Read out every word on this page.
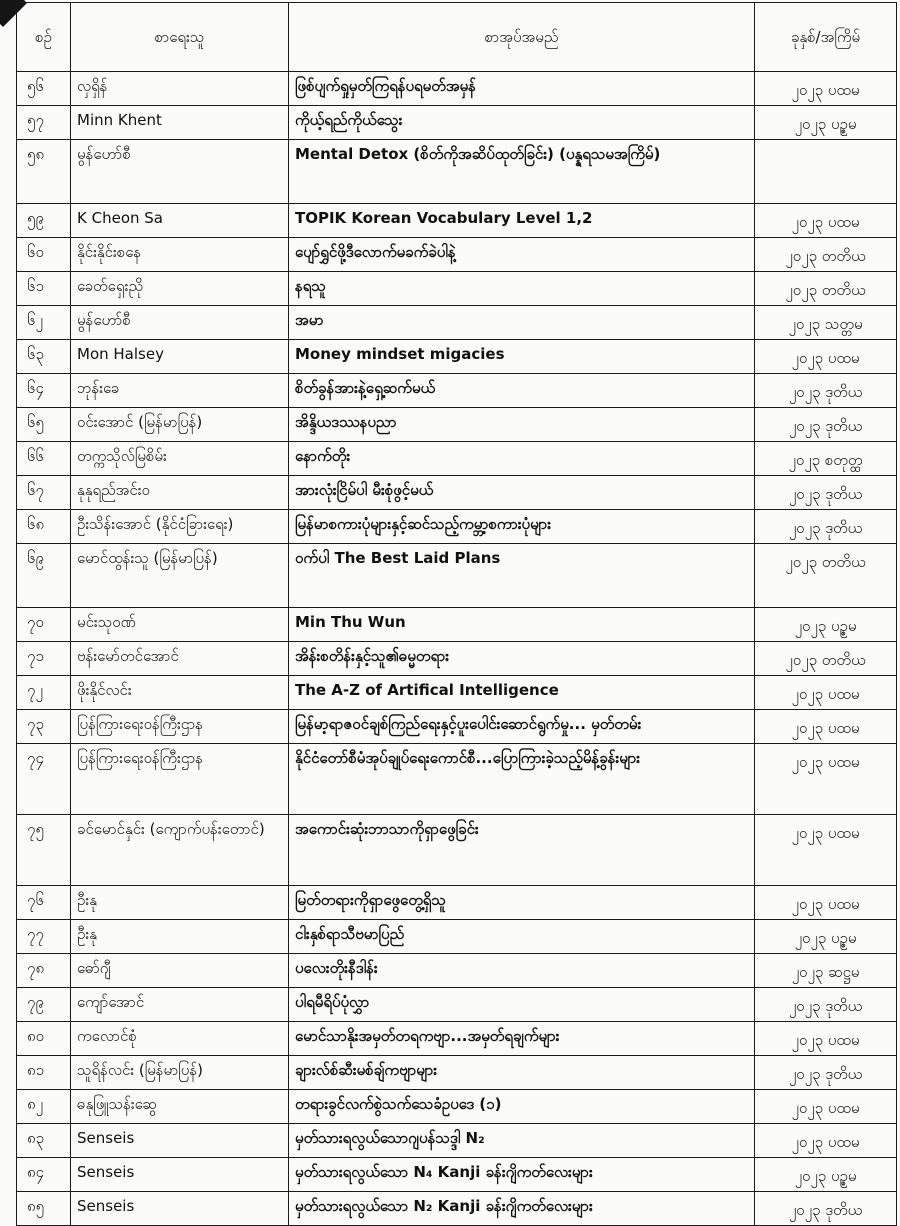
စဉ်	စာရေးသူ	စာအုပ်အမည်	ခုနှစ်/အကြိမ်
၅၆	လှရှိန်	ဖြစ်ပျက်ရှုမှတ်ကြရန်ပရမတ်အမှန်	၂၀၂၃ ပထမ
၅၇	Minn Khent	ကိုယ့်ရည်ကိုယ်သွေး	၂၀၂၃ ပဥ္စမ
၅၈	မွန်ဟော်စီ	Mental Detox (စိတ်ကိုအဆိပ်ထုတ်ခြင်း) (ပန္နရသမအကြိမ်)	
၅၉	K Cheon Sa	TOPIK Korean Vocabulary Level 1,2	၂၀၂၃ ပထမ
၆၀	နိုင်းနိုင်းစနေ	ပျော်ရွှင်ဖို့ဒီလောက်မခက်ခဲပါနဲ့	၂၀၂၃ တတိယ
၆၁	ခေတ်ရှေးညို	နရသူ	၂၀၂၃ တတိယ
၆၂	မွန်ဟော်စီ	အမာ	၂၀၂၃ သတ္တမ
၆၃	Mon Halsey	Money mindset migacies	၂၀၂၃ ပထမ
၆၄	ဘုန်းခေ	စိတ်ခွန်အားနဲ့ရှေ့ဆက်မယ်	၂၀၂၃ ဒုတိယ
၆၅	ဝင်းအောင် (မြန်မာပြန်)	အိန္ဒိယဒဿနပညာ	၂၀၂၃ ဒုတိယ
၆၆	တက္ကသိုလ်မြစိမ်း	နောက်တိုး	၂၀၂၃ စတုတ္ထ
၆၇	နုနုရည်အင်းဝ	အားလုံးငြိမ်ပါ မီးစုံဖွင့်မယ်	၂၀၂၃ ဒုတိယ
၆၈	ဦးသိန်းအောင် (နိုင်ငံခြားရေး)	မြန်မာစကားပုံများနှင့်ဆင်သည့်ကမ္ဘာ့စကားပုံများ	၂၀၂၃ ဒုတိယ
၆၉	မောင်ထွန်းသူ (မြန်မာပြန်)	ဝက်ပါ The Best Laid Plans	၂၀၂၃ တတိယ
၇၀	မင်းသုဝဏ်	Min Thu Wun	၂၀၂၃ ပဥ္စမ
၇၁	ဗန်းမော်တင်အောင်	အိန်းစတိန်းနှင့်သူ၏ဓမ္မတရား	၂၀၂၃ တတိယ
၇၂	ဖိုးနိုင်လင်း	The A-Z of Artifical Intelligence	၂၀၂၃ ပထမ
၇၃	ပြန်ကြားရေးဝန်ကြီးဌာန	မြန်မာ့ရာဇဝင်ချစ်ကြည်ရေးနှင့်ပူးပေါင်းဆောင်ရွက်မှု... မှတ်တမ်း	၂၀၂၃ ပထမ
၇၄	ပြန်ကြားရေးဝန်ကြီးဌာန	နိုင်ငံတော်စီမံအုပ်ချုပ်ရေးကောင်စီ...ပြောကြားခဲ့သည့်မိန့်ခွန်းများ	၂၀၂၃ ပထမ
၇၅	ခင်မောင်နှင်း (ကျောက်ပန်းတောင်)	အကောင်းဆုံးဘာသာကိုရှာဖွေခြင်း	၂၀၂၃ ပထမ
၇၆	ဦးနု	မြတ်တရားကိုရှာဖွေတွေ့ရှိသူ	၂၀၂၃ ပထမ
၇၇	ဦးနု	ငါးနှစ်ရာသီဗမာပြည်	၂၀၂၃ ပဥ္စမ
၇၈	ဓော်ဂျီ	ပလေးတိုးနီဒါန်း	၂၀၂၃ ဆဋ္ဌမ
၇၉	ကျော်အောင်	ပါရမီရိပ်ပုံလွှာ	၂၀၂၃ ဒုတိယ
၈၀	ကလောင်စုံ	မောင်သာနိုးအမှတ်တရကဗျာ...အမှတ်ရချက်များ	၂၀၂၃ ပထမ
၈၁	သူရိန်လင်း (မြန်မာပြန်)	ချားလ်စ်ဆီးမစ်ချ်ကဗျာများ	၂၀၂၃ ဒုတိယ
၈၂	ဓနုဖြူသန်းဆွေ	တရားခွင်လက်စွဲသက်သေခံဥပဒေ (၁)	၂၀၂၃ ပထမ
၈၃	Senseis	မှတ်သားရလွယ်သောဂျပန်သဒ္ဒါ N₂	၂၀၂၃ ပထမ
၈၄	Senseis	မှတ်သားရလွယ်သော N₄ Kanji ခန်းဂျိကတ်လေးများ	၂၀၂၃ ပဥ္စမ
၈၅	Senseis	မှတ်သားရလွယ်သော N₂ Kanji ခန်းဂျိကတ်လေးများ	၂၀၂၃ ဒုတိယ
